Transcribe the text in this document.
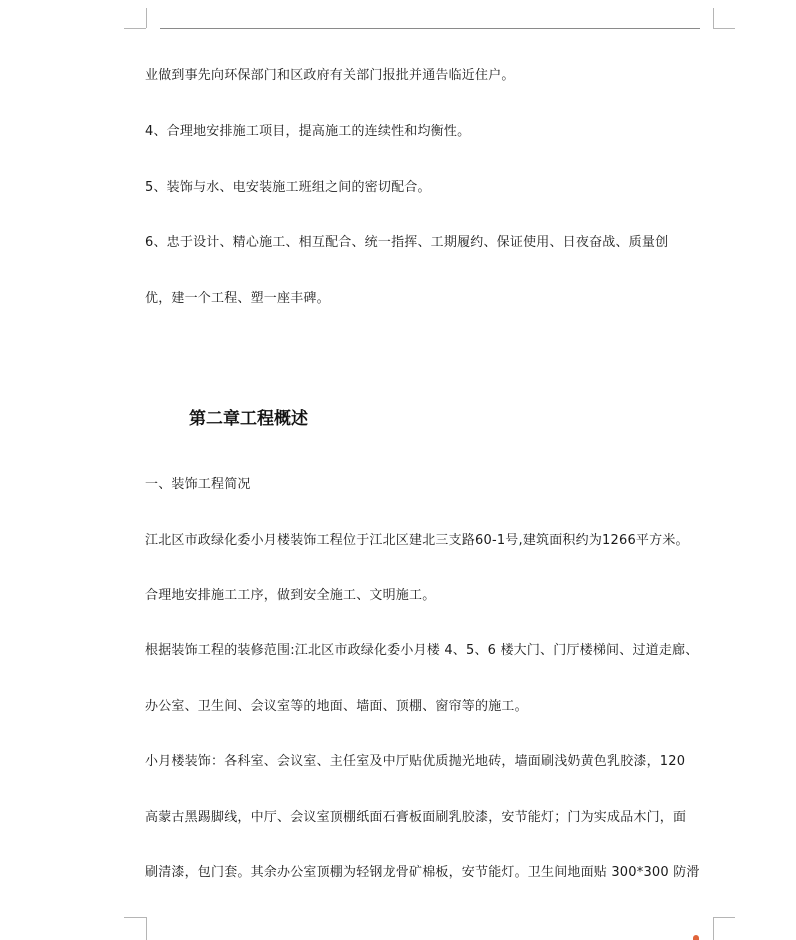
业做到事先向环保部门和区政府有关部门报批并通告临近住户。
4、合理地安排施工项目，提高施工的连续性和均衡性。
5、装饰与水、电安装施工班组之间的密切配合。
6、忠于设计、精心施工、相互配合、统一指挥、工期履约、保证使用、日夜奋战、质量创
优，建一个工程、塑一座丰碑。
第二章工程概述
一、装饰工程简况
江北区市政绿化委小月楼装饰工程位于江北区建北三支路60-1号,建筑面积约为1266平方米。
合理地安排施工工序，做到安全施工、文明施工。
根据装饰工程的装修范围:江北区市政绿化委小月楼 4、5、6 楼大门、门厅楼梯间、过道走廊、
办公室、卫生间、会议室等的地面、墙面、顶棚、窗帘等的施工。
小月楼装饰：各科室、会议室、主任室及中厅贴优质抛光地砖，墙面刷浅奶黄色乳胶漆，120
高蒙古黑踢脚线，中厅、会议室顶棚纸面石膏板面刷乳胶漆，安节能灯；门为实成品木门，面
刷清漆，包门套。其余办公室顶棚为轻钢龙骨矿棉板，安节能灯。卫生间地面贴 300*300 防滑
